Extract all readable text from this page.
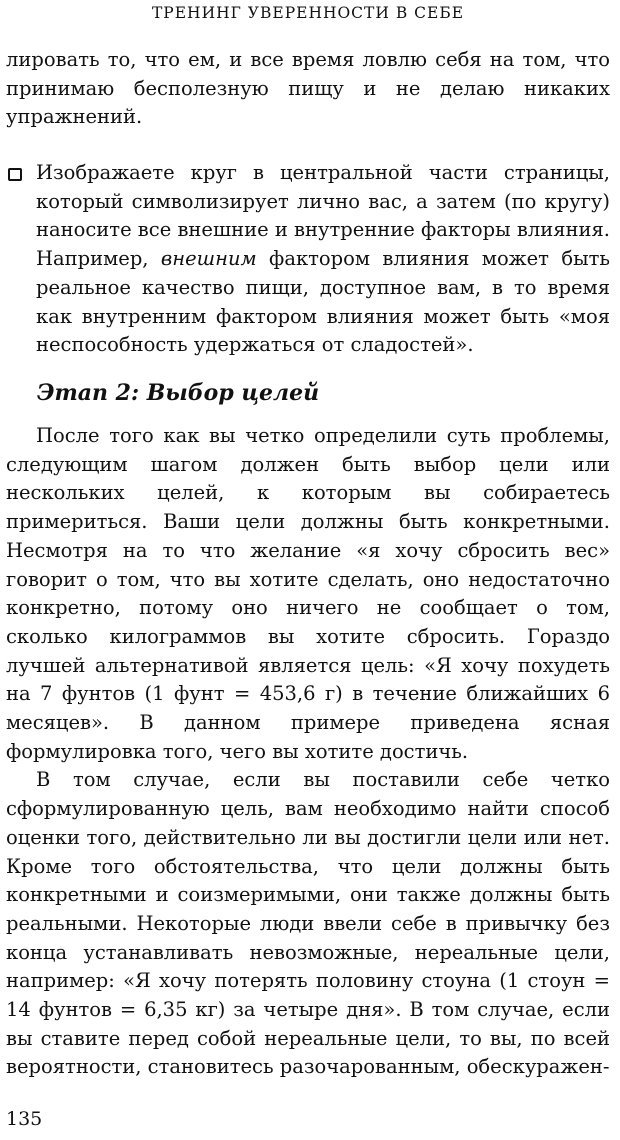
ТРЕНИНГ УВЕРЕННОСТИ В СЕБЕ

лировать то, что ем, и все время ловлю себя на том, что принимаю бесполезную пищу и не делаю никаких упражнений.

Изображаете круг в центральной части страницы, который символизирует лично вас, а затем (по кругу) наносите все внешние и внутренние факторы влияния. Например, внешним фактором влияния может быть реальное качество пищи, доступное вам, в то время как внутренним фактором влияния может быть «моя неспособность удержаться от сладостей».

Этап 2: Выбор целей

После того как вы четко определили суть проблемы, следующим шагом должен быть выбор цели или нескольких целей, к которым вы собираетесь примериться. Ваши цели должны быть конкретными. Несмотря на то что желание «я хочу сбросить вес» говорит о том, что вы хотите сделать, оно недостаточно конкретно, потому оно ничего не сообщает о том, сколько килограммов вы хотите сбросить. Гораздо лучшей альтернативой является цель: «Я хочу похудеть на 7 фунтов (1 фунт = 453,6 г) в течение ближайших 6 месяцев». В данном примере приведена ясная формулировка того, чего вы хотите достичь.

В том случае, если вы поставили себе четко сформулированную цель, вам необходимо найти способ оценки того, действительно ли вы достигли цели или нет. Кроме того обстоятельства, что цели должны быть конкретными и соизмеримыми, они также должны быть реальными. Некоторые люди ввели себе в привычку без конца устанавливать невозможные, нереальные цели, например: «Я хочу потерять половину стоуна (1 стоун = 14 фунтов = 6,35 кг) за четыре дня». В том случае, если вы ставите перед собой нереальные цели, то вы, по всей вероятности, становитесь разочарованным, обескуражен-

135
